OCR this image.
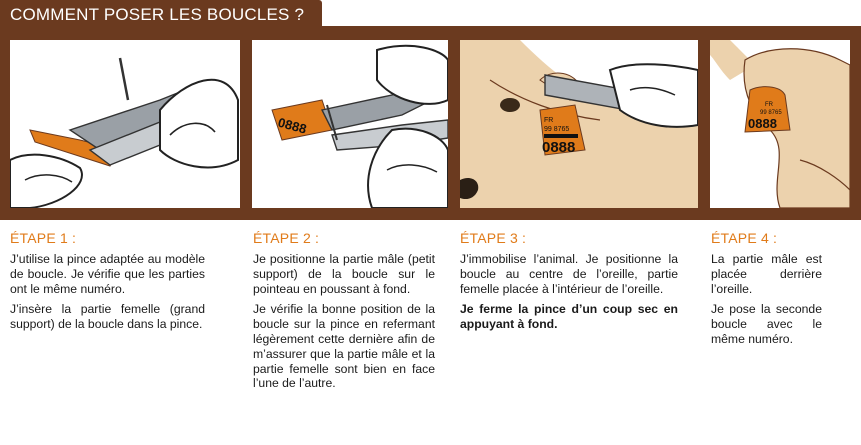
COMMENT POSER LES BOUCLES ?
0888	FR
99 8765
0888
FR
99 8765
0888
ÉTAPE 1 :

J’utilise la pince adaptée au modèle de boucle. Je vérifie que les parties ont le même numéro.

J’insère la partie femelle (grand support) de la boucle dans la pince.

ÉTAPE 2 :

Je positionne la partie mâle (petit support) de la boucle sur le pointeau en poussant à fond.

Je vérifie la bonne position de la boucle sur la pince en refermant légèrement cette dernière afin de m’assurer que la partie mâle et la partie femelle sont bien en face l’une de l’autre.

ÉTAPE 3 :

J’immobilise l’animal. Je positionne la boucle au centre de l’oreille, partie femelle placée à l’intérieur de l’oreille.

Je ferme la pince d’un coup sec en appuyant à fond.

ÉTAPE 4 :

La partie mâle est placée derrière l’oreille.

Je pose la seconde boucle avec le même numéro.
